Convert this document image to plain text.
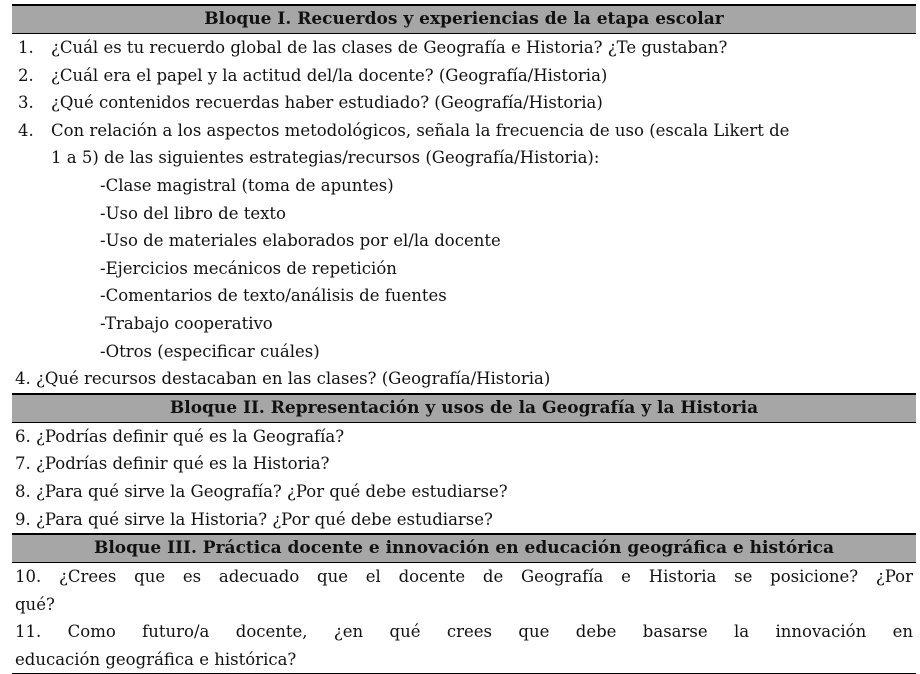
Bloque I. Recuerdos y experiencias de la etapa escolar
1. ¿Cuál es tu recuerdo global de las clases de Geografía e Historia? ¿Te gustaban?
2. ¿Cuál era el papel y la actitud del/la docente? (Geografía/Historia)
3. ¿Qué contenidos recuerdas haber estudiado? (Geografía/Historia)
4. Con relación a los aspectos metodológicos, señala la frecuencia de uso (escala Likert de
1 a 5) de las siguientes estrategias/recursos (Geografía/Historia):
-Clase magistral (toma de apuntes)
-Uso del libro de texto
-Uso de materiales elaborados por el/la docente
-Ejercicios mecánicos de repetición
-Comentarios de texto/análisis de fuentes
-Trabajo cooperativo
-Otros (especificar cuáles)
4. ¿Qué recursos destacaban en las clases? (Geografía/Historia)
Bloque II. Representación y usos de la Geografía y la Historia
6. ¿Podrías definir qué es la Geografía?
7. ¿Podrías definir qué es la Historia?
8. ¿Para qué sirve la Geografía? ¿Por qué debe estudiarse?
9. ¿Para qué sirve la Historia? ¿Por qué debe estudiarse?
Bloque III. Práctica docente e innovación en educación geográfica e histórica
10. ¿Crees que es adecuado que el docente de Geografía e Historia se posicione? ¿Por
qué?
11. Como futuro/a docente, ¿en qué crees que debe basarse la innovación en
educación geográfica e histórica?
